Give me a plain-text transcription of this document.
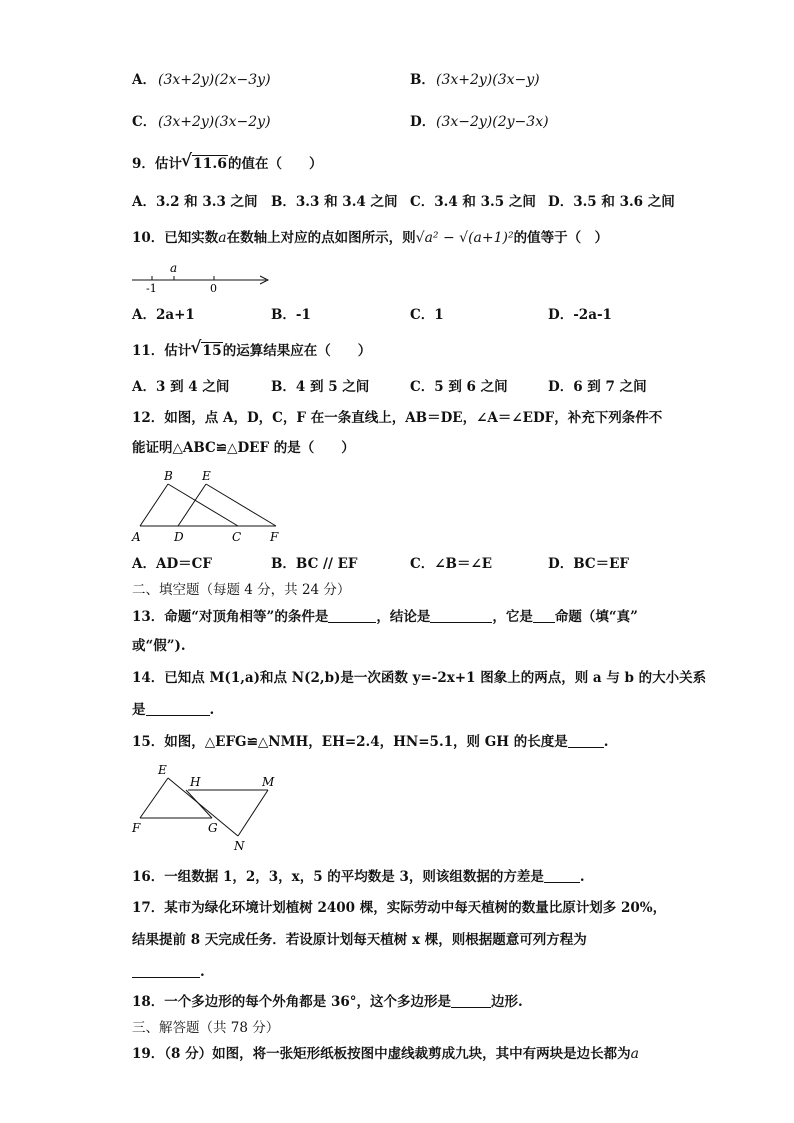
A． (3x+2y)(2x−3y)	B． (3x+2y)(3x−y)
C． (3x+2y)(3x−2y)	D． (3x−2y)(2y−3x)
9．估计 √ 11.6的值在（　　）
A．3.2 和 3.3 之间 B．3.3 和 3.4 之间 C．3.4 和 3.5 之间 D．3.5 和 3.6 之间
10．已知实数a在数轴上对应的点如图所示，则√a² − √(a+1)²的值等于（　）
a
-1	0
A．2a+1	B．-1	C．1	D．-2a-1
11．估计 √ 15的运算结果应在（　　）
A．3 到 4 之间	B．4 到 5 之间	C．5 到 6 之间	D．6 到 7 之间
12．如图，点 A，D，C，F 在一条直线上，AB＝DE，∠A＝∠EDF，补充下列条件不
能证明△ABC≌△DEF 的是（　　）
B E
A	D	C F
A．AD＝CF	B．BC // EF	C．∠B＝∠E	D．BC＝EF
二、填空题（每题 4 分，共 24 分）
13．命题“对顶角相等”的条件是	，结论是	，它是 命题（填“真”
或“假”).
14．已知点 M(1,a)和点 N(2,b)是一次函数 y=-2x+1 图象上的两点，则 a 与 b 的大小关系
是	.
15．如图，△EFG≌△NMH，EH=2.4，HN=5.1，则 GH 的长度是	.
E
H	M
F	G
N
16．一组数据 1，2，3，x，5 的平均数是 3，则该组数据的方差是	.
17．某市为绿化环境计划植树 2400 棵，实际劳动中每天植树的数量比原计划多 20%，
结果提前 8 天完成任务．若设原计划每天植树 x 棵，则根据题意可列方程为
.
18．一个多边形的每个外角都是 36°，这个多边形是	边形.
三、解答题（共 78 分）
19．（8 分）如图，将一张矩形纸板按图中虚线裁剪成九块，其中有两块是边长都为a
